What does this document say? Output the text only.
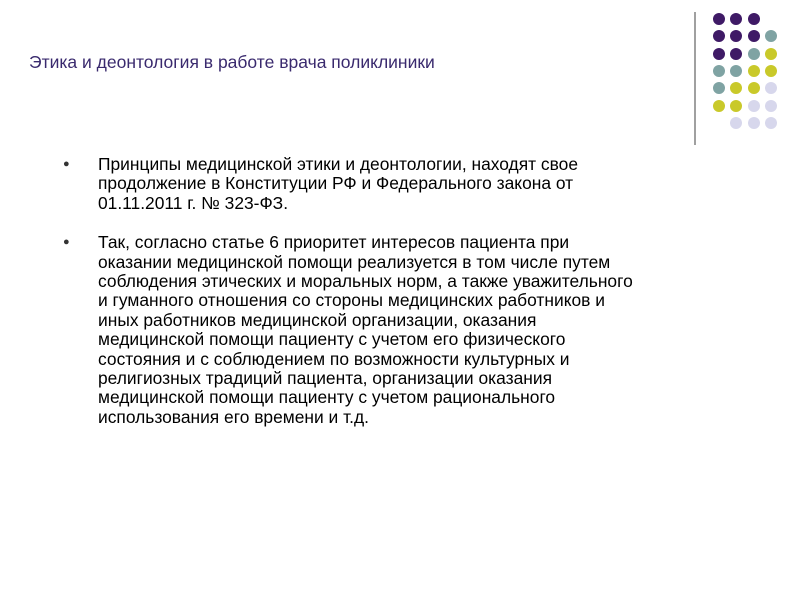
Этика и деонтология в работе врача поликлиники
● Принципы медицинской этики и деонтологии, находят свое
продолжение в Конституции РФ и Федерального закона от
01.11.2011 г. № 323-ФЗ.
● Так, согласно статье 6 приоритет интересов пациента при
оказании медицинской помощи реализуется в том числе путем
соблюдения этических и моральных норм, а также уважительного
и гуманного отношения со стороны медицинских работников и
иных работников медицинской организации, оказания
медицинской помощи пациенту с учетом его физического
состояния и с соблюдением по возможности культурных и
религиозных традиций пациента, организации оказания
медицинской помощи пациенту с учетом рационального
использования его времени и т.д.
